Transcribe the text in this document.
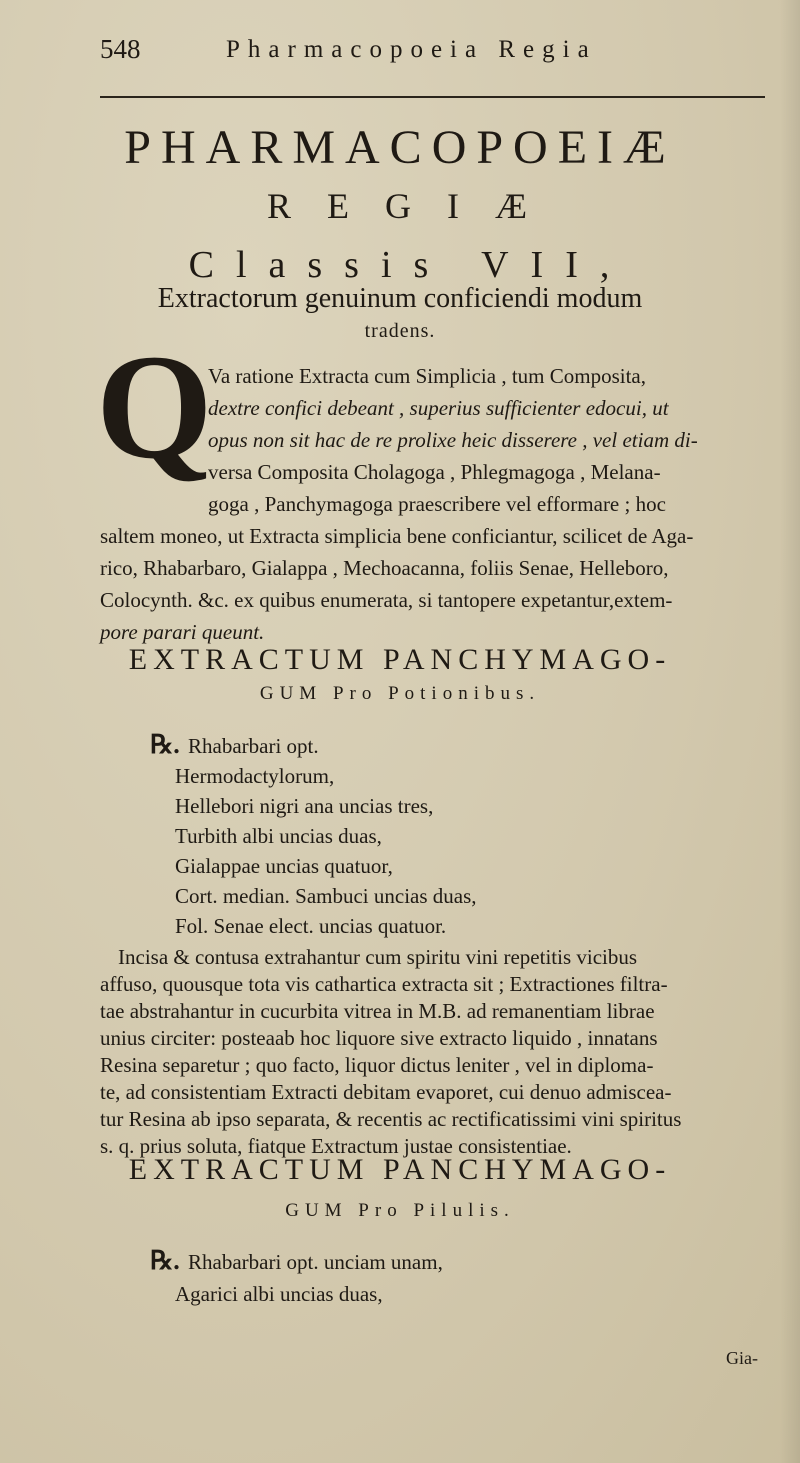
548	Pharmacopoeia Regia
PHARMACOPOEIÆ
REGIÆ
Classis VII,
Extractorum genuinum conficiendi modum
tradens.
Q
Va ratione Extracta cum Simplicia , tum Composita,
dextre confici debeant , superius sufficienter edocui, ut
opus non sit hac de re prolixe heic disserere , vel etiam di-
versa Composita Cholagoga , Phlegmagoga , Melana-
goga , Panchymagoga praescribere vel efformare ; hoc
saltem moneo, ut Extracta simplicia bene conficiantur, scilicet de Aga-
rico, Rhabarbaro, Gialappa , Mechoacanna, foliis Senae, Helleboro,
Colocynth. &c. ex quibus enumerata, si tantopere expetantur,extem-
pore parari queunt.
EXTRACTUM PANCHYMAGO-
GUM Pro Potionibus.
℞. Rhabarbari opt.
Hermodactylorum,
Hellebori nigri ana uncias tres,
Turbith albi uncias duas,
Gialappae uncias quatuor,
Cort. median. Sambuci uncias duas,
Fol. Senae elect. uncias quatuor.
Incisa & contusa extrahantur cum spiritu vini repetitis vicibus
affuso, quousque tota vis cathartica extracta sit ; Extractiones filtra-
tae abstrahantur in cucurbita vitrea in M.B. ad remanentiam librae
unius circiter: posteaab hoc liquore sive extracto liquido , innatans
Resina separetur ; quo facto, liquor dictus leniter , vel in diploma-
te, ad consistentiam Extracti debitam evaporet, cui denuo admiscea-
tur Resina ab ipso separata, & recentis ac rectificatissimi vini spiritus
s. q. prius soluta, fiatque Extractum justae consistentiae.
EXTRACTUM PANCHYMAGO-
GUM Pro Pilulis.
℞. Rhabarbari opt. unciam unam,
Agarici albi uncias duas,
Gia-
